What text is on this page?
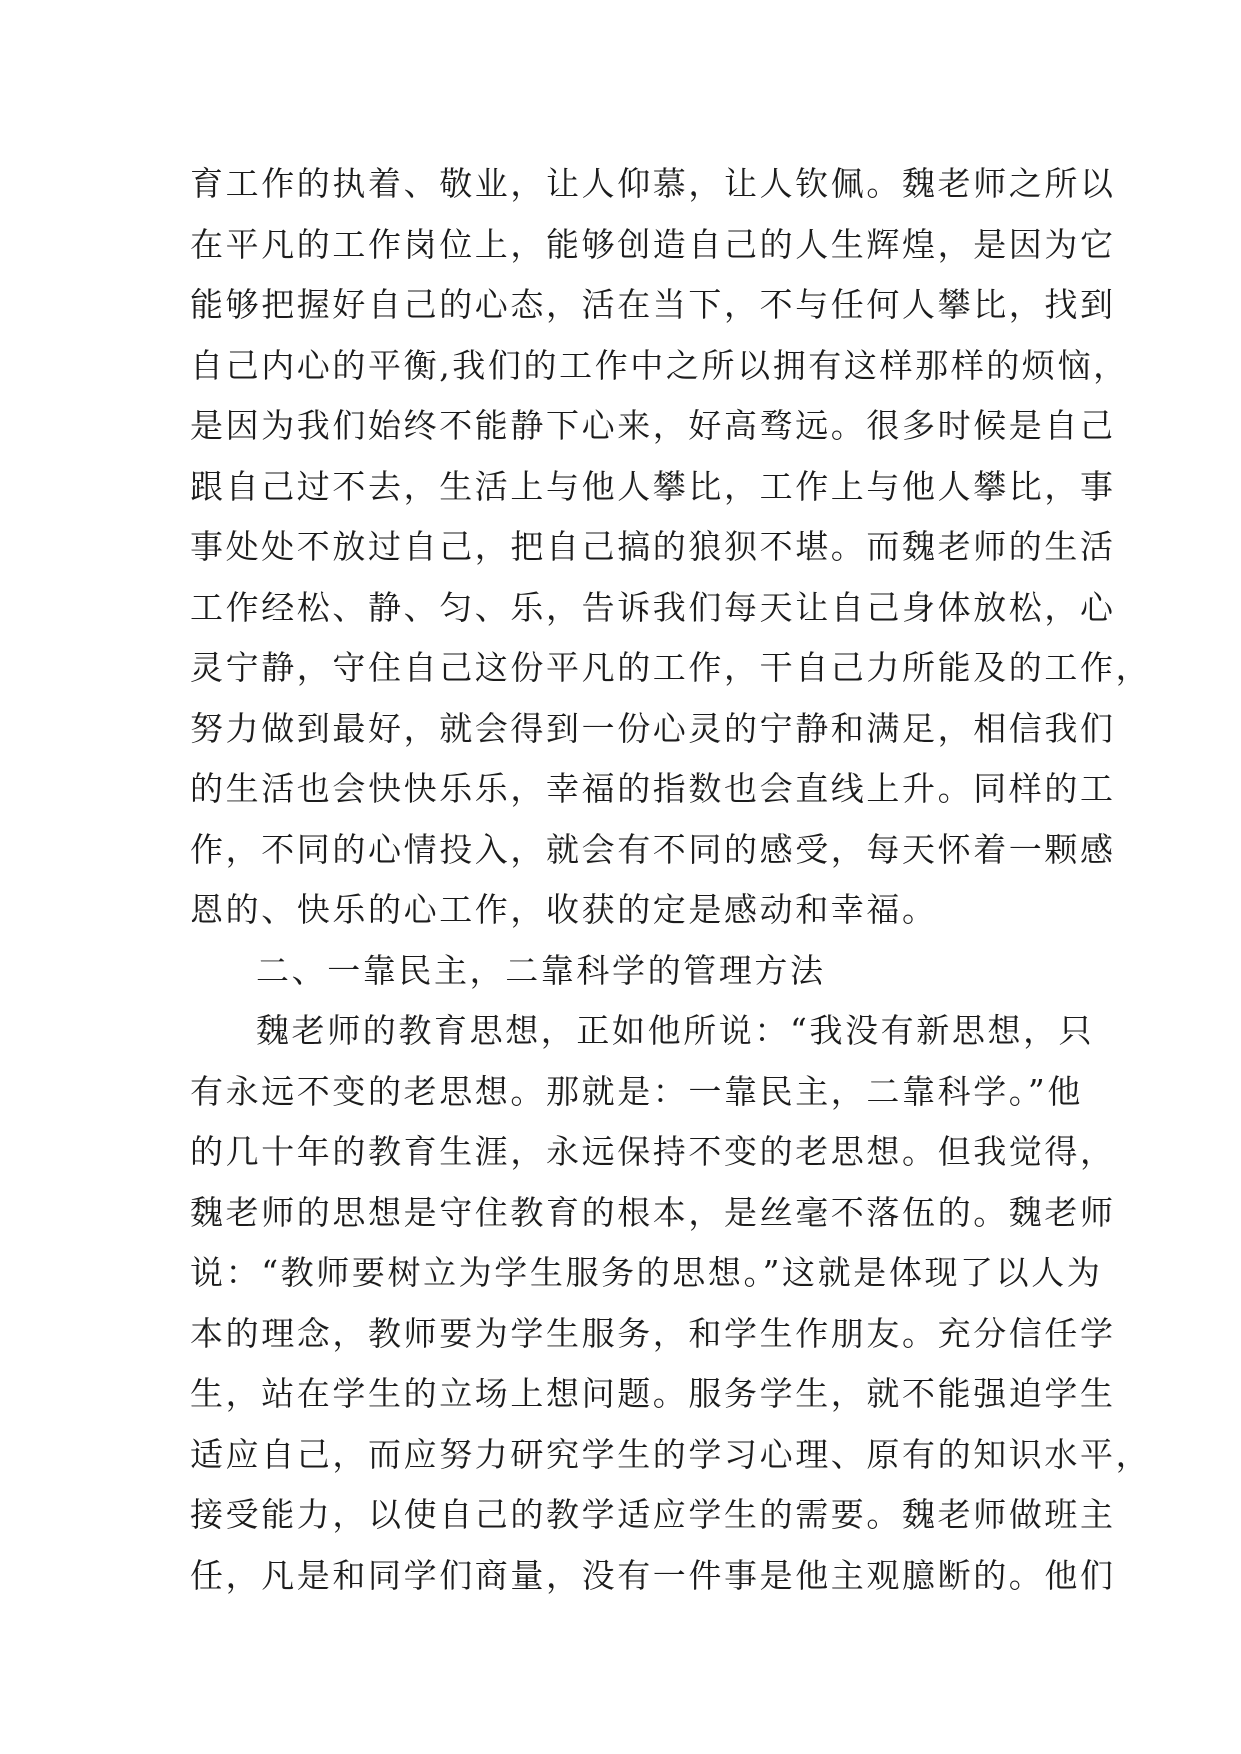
育工作的执着、敬业，让人仰慕，让人钦佩。魏老师之所以
在平凡的工作岗位上，能够创造自己的人生辉煌，是因为它
能够把握好自己的心态，活在当下，不与任何人攀比，找到
自己内心的平衡,我们的工作中之所以拥有这样那样的烦恼，
是因为我们始终不能静下心来，好高骛远。很多时候是自己
跟自己过不去，生活上与他人攀比，工作上与他人攀比，事
事处处不放过自己，把自己搞的狼狈不堪。而魏老师的生活
工作经松、静、匀、乐，告诉我们每天让自己身体放松，心
灵宁静，守住自己这份平凡的工作，干自己力所能及的工作，
努力做到最好，就会得到一份心灵的宁静和满足，相信我们
的生活也会快快乐乐，幸福的指数也会直线上升。同样的工
作，不同的心情投入，就会有不同的感受，每天怀着一颗感
恩的、快乐的心工作，收获的定是感动和幸福。
二、一靠民主，二靠科学的管理方法
魏老师的教育思想，正如他所说：“我没有新思想，只
有永远不变的老思想。那就是：一靠民主，二靠科学。”他
的几十年的教育生涯，永远保持不变的老思想。但我觉得，
魏老师的思想是守住教育的根本，是丝毫不落伍的。魏老师
说：“教师要树立为学生服务的思想。”这就是体现了以人为
本的理念，教师要为学生服务，和学生作朋友。充分信任学
生，站在学生的立场上想问题。服务学生，就不能强迫学生
适应自己，而应努力研究学生的学习心理、原有的知识水平，
接受能力，以使自己的教学适应学生的需要。魏老师做班主
任，凡是和同学们商量，没有一件事是他主观臆断的。他们
